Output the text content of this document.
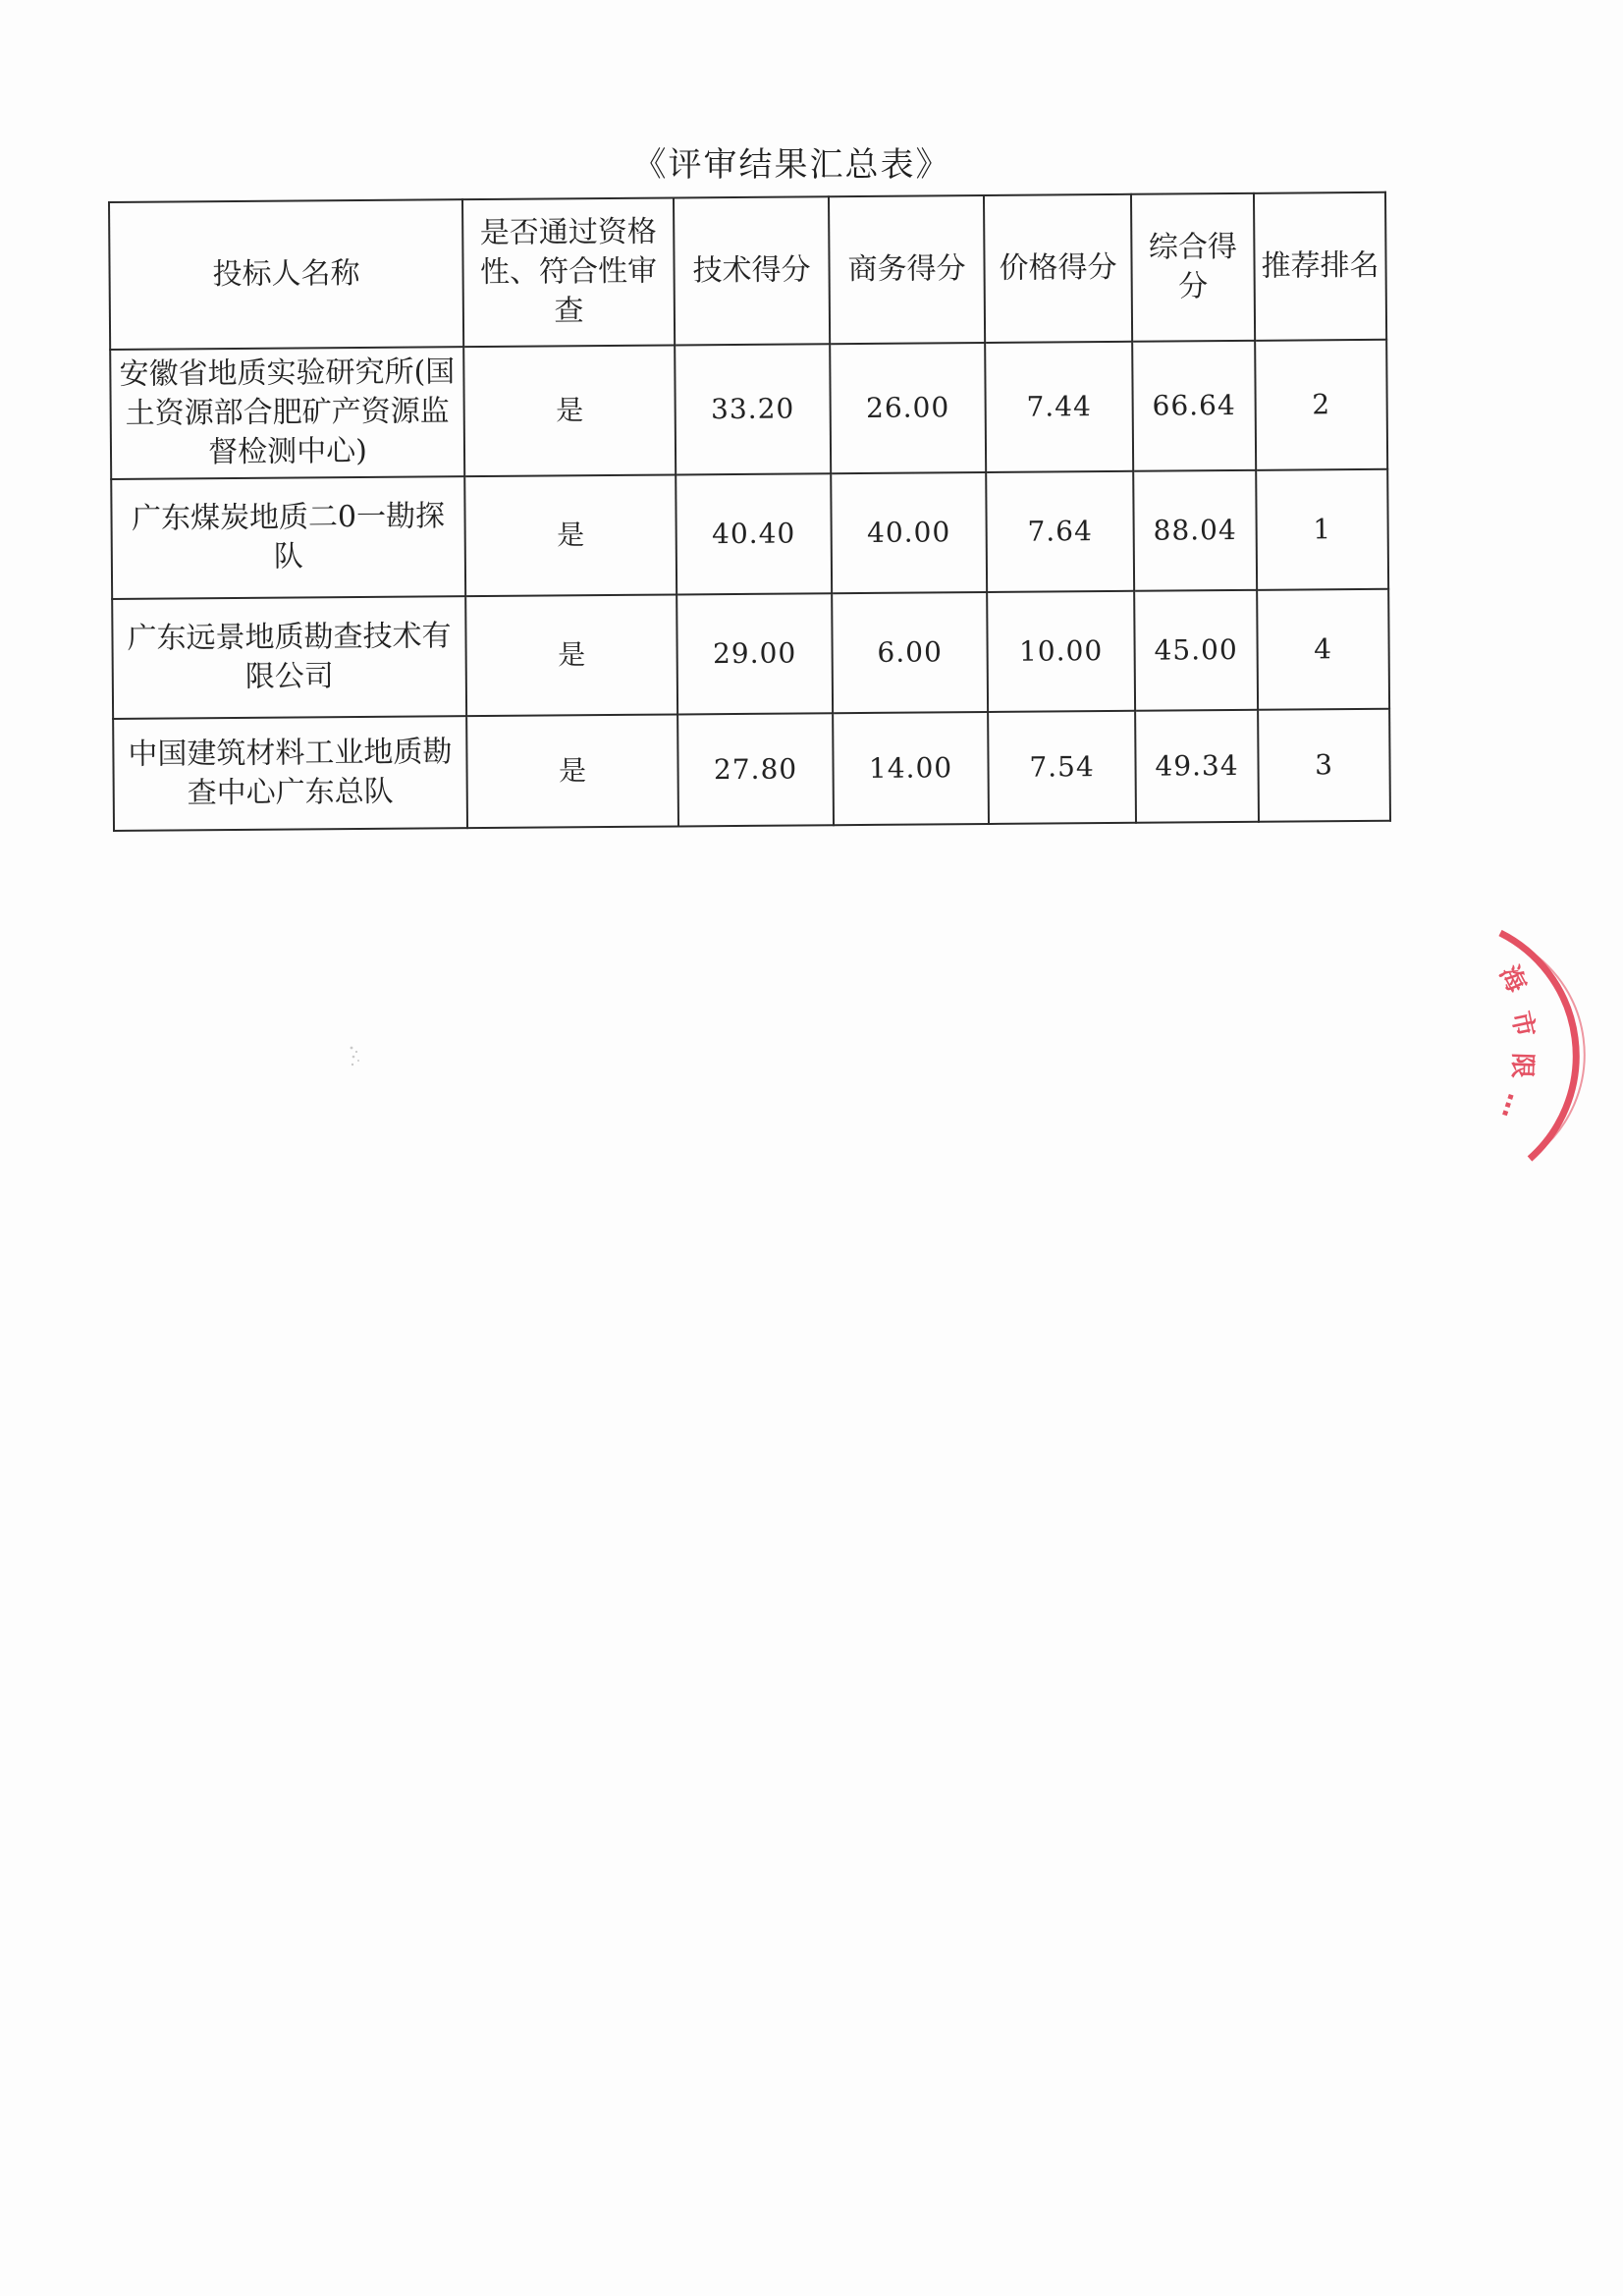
《评审结果汇总表》
投标人名称	是否通过资格性、符合性审查	技术得分	商务得分	价格得分	综合得分	推荐排名
安徽省地质实验研究所(国土资源部合肥矿产资源监督检测中心)	是	33.20	26.00	7.44	66.64	2
广东煤炭地质二0一勘探队	是	40.40	40.00	7.64	88.04	1
广东远景地质勘查技术有限公司	是	29.00	6.00	10.00	45.00	4
中国建筑材料工业地质勘查中心广东总队	是	27.80	14.00	7.54	49.34	3
海
市
限
…
